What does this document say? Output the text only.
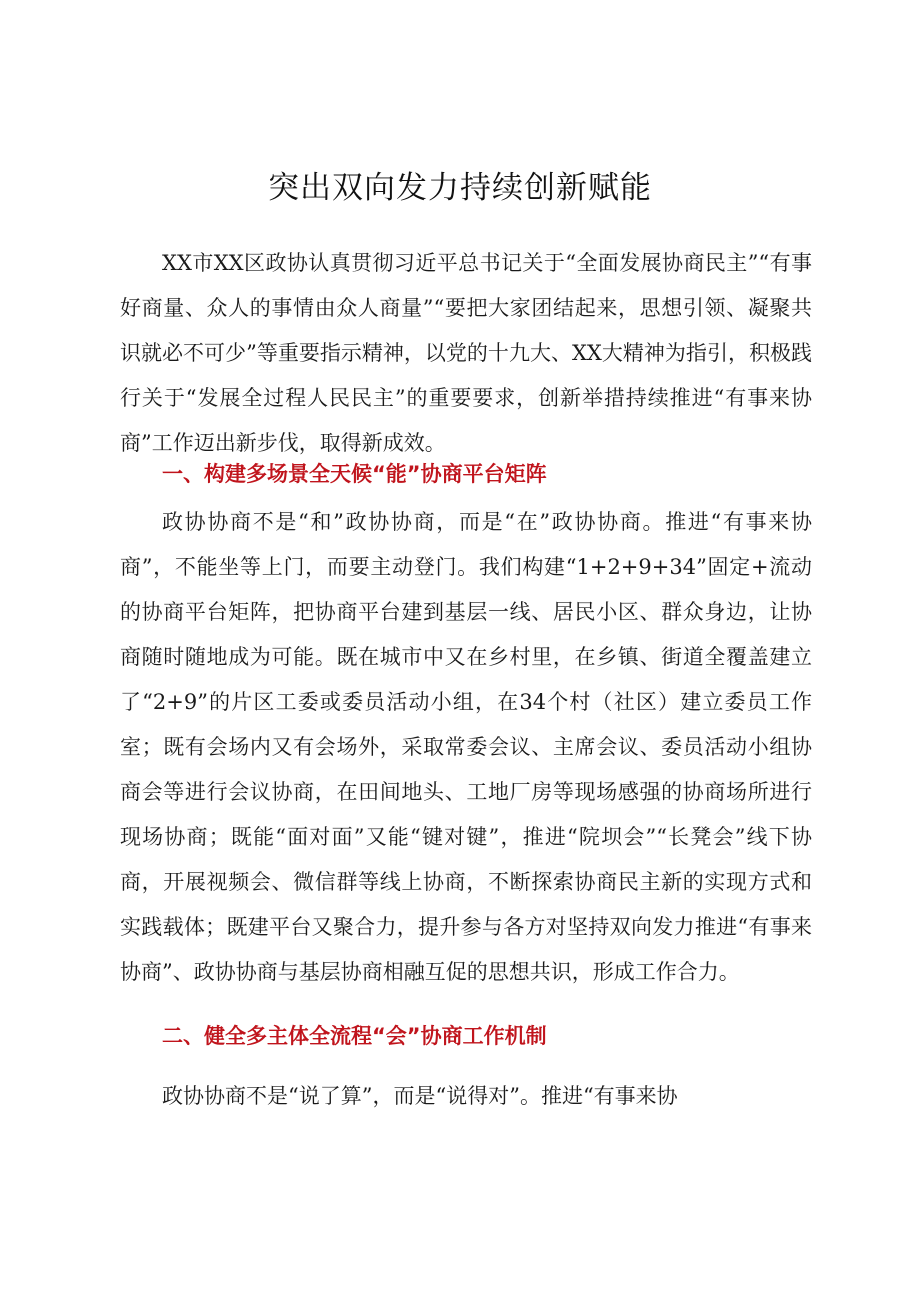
突出双向发力持续创新赋能

XX市XX区政协认真贯彻习近平总书记关于“全面发展协商民主”“有事好商量、众人的事情由众人商量”“要把大家团结起来，思想引领、凝聚共识就必不可少”等重要指示精神，以党的十九大、XX大精神为指引，积极践行关于“发展全过程人民民主”的重要要求，创新举措持续推进“有事来协商”工作迈出新步伐，取得新成效。

一、构建多场景全天候“能”协商平台矩阵

政协协商不是“和”政协协商，而是“在”政协协商。推进“有事来协商”，不能坐等上门，而要主动登门。我们构建“1+2+9+34”固定+流动的协商平台矩阵，把协商平台建到基层一线、居民小区、群众身边，让协商随时随地成为可能。既在城市中又在乡村里，在乡镇、街道全覆盖建立了“2+9”的片区工委或委员活动小组，在34个村（社区）建立委员工作室；既有会场内又有会场外，采取常委会议、主席会议、委员活动小组协商会等进行会议协商，在田间地头、工地厂房等现场感强的协商场所进行现场协商；既能“面对面”又能“键对键”，推进“院坝会”“长凳会”线下协商，开展视频会、微信群等线上协商，不断探索协商民主新的实现方式和实践载体；既建平台又聚合力，提升参与各方对坚持双向发力推进“有事来协商”、政协协商与基层协商相融互促的思想共识，形成工作合力。

二、健全多主体全流程“会”协商工作机制

政协协商不是“说了算”，而是“说得对”。推进“有事来协
